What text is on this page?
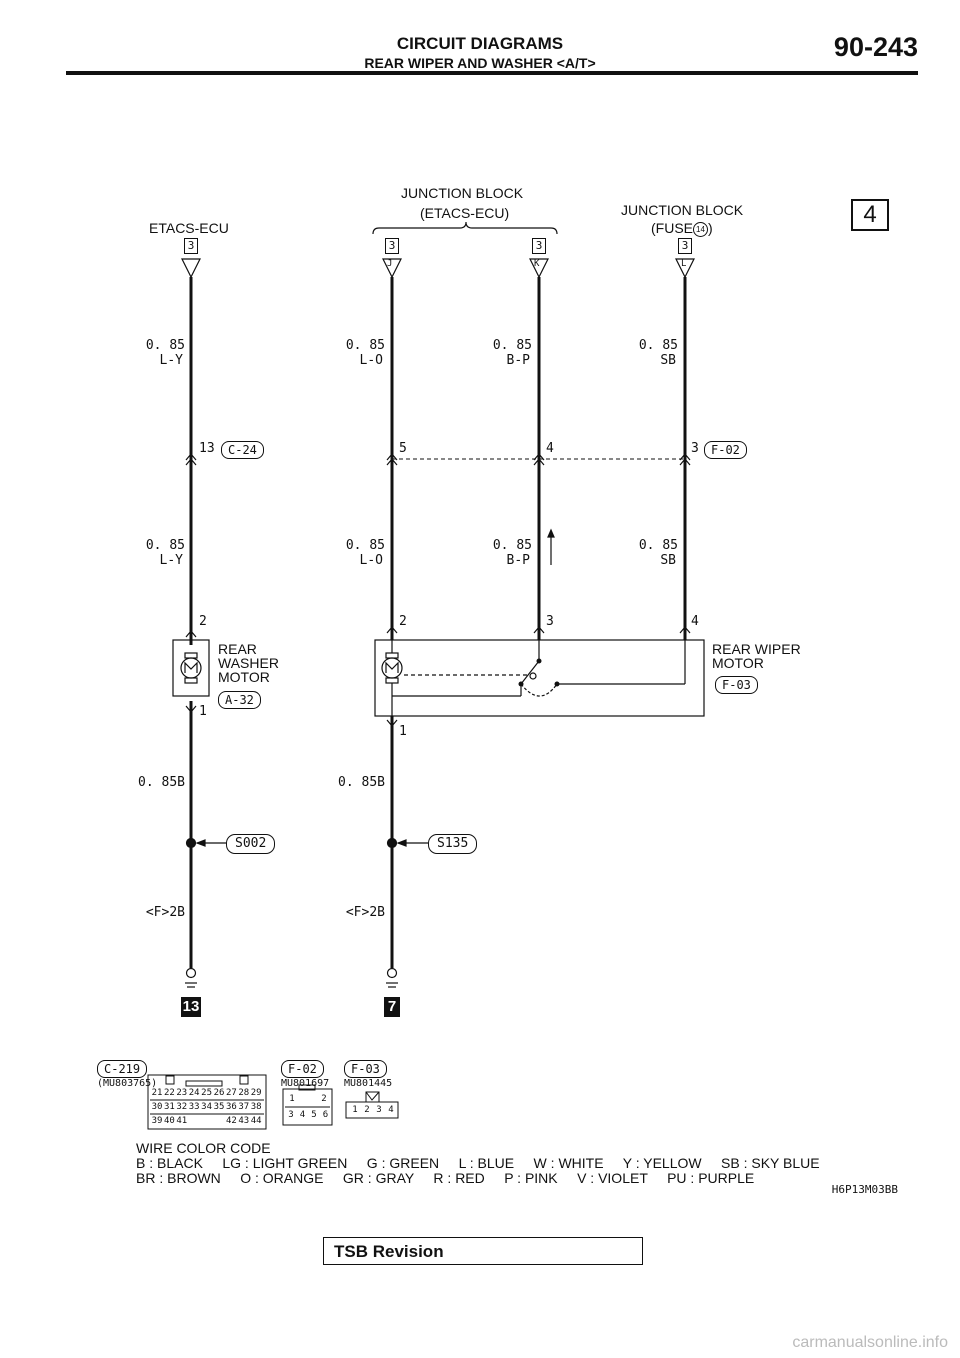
CIRCUIT DIAGRAMS
REAR WIPER AND WASHER <A/T>
90-243
4
ETACS-ECU
JUNCTION BLOCK
(ETACS-ECU)	JUNCTION BLOCK
(FUSE 14 )
3	3	3	3
J	K	L
0. 85
L-Y
0. 85
L-O
0. 85
B-P
0. 85
SB
13	C-24	5	4	3	F-02
0. 85
L-Y
0. 85
L-O
0. 85
B-P
0. 85
SB
2
1
REAR
WASHER
MOTOR
A-32
2	3	4
1
REAR WIPER
MOTOR
F-03
0. 85B	0. 85B
S002	S135
<F>2B	<F>2B
13	7
C-219
(MU803765)
21 22 23 24 25 26 27 28 29
30 31 32 33 34 35 36 37 38
39 40 41	42 43 44
F-02
MU801697
1	2
3 4 5 6
F-03
MU801445
1 2 3 4
WIRE COLOR CODE
B : BLACK     LG : LIGHT GREEN     G : GREEN     L : BLUE     W : WHITE     Y : YELLOW     SB : SKY BLUE
BR : BROWN     O : ORANGE     GR : GRAY     R : RED     P : PINK     V : VIOLET     PU : PURPLE
H6P13M03BB
TSB Revision
carmanualsonline.info
